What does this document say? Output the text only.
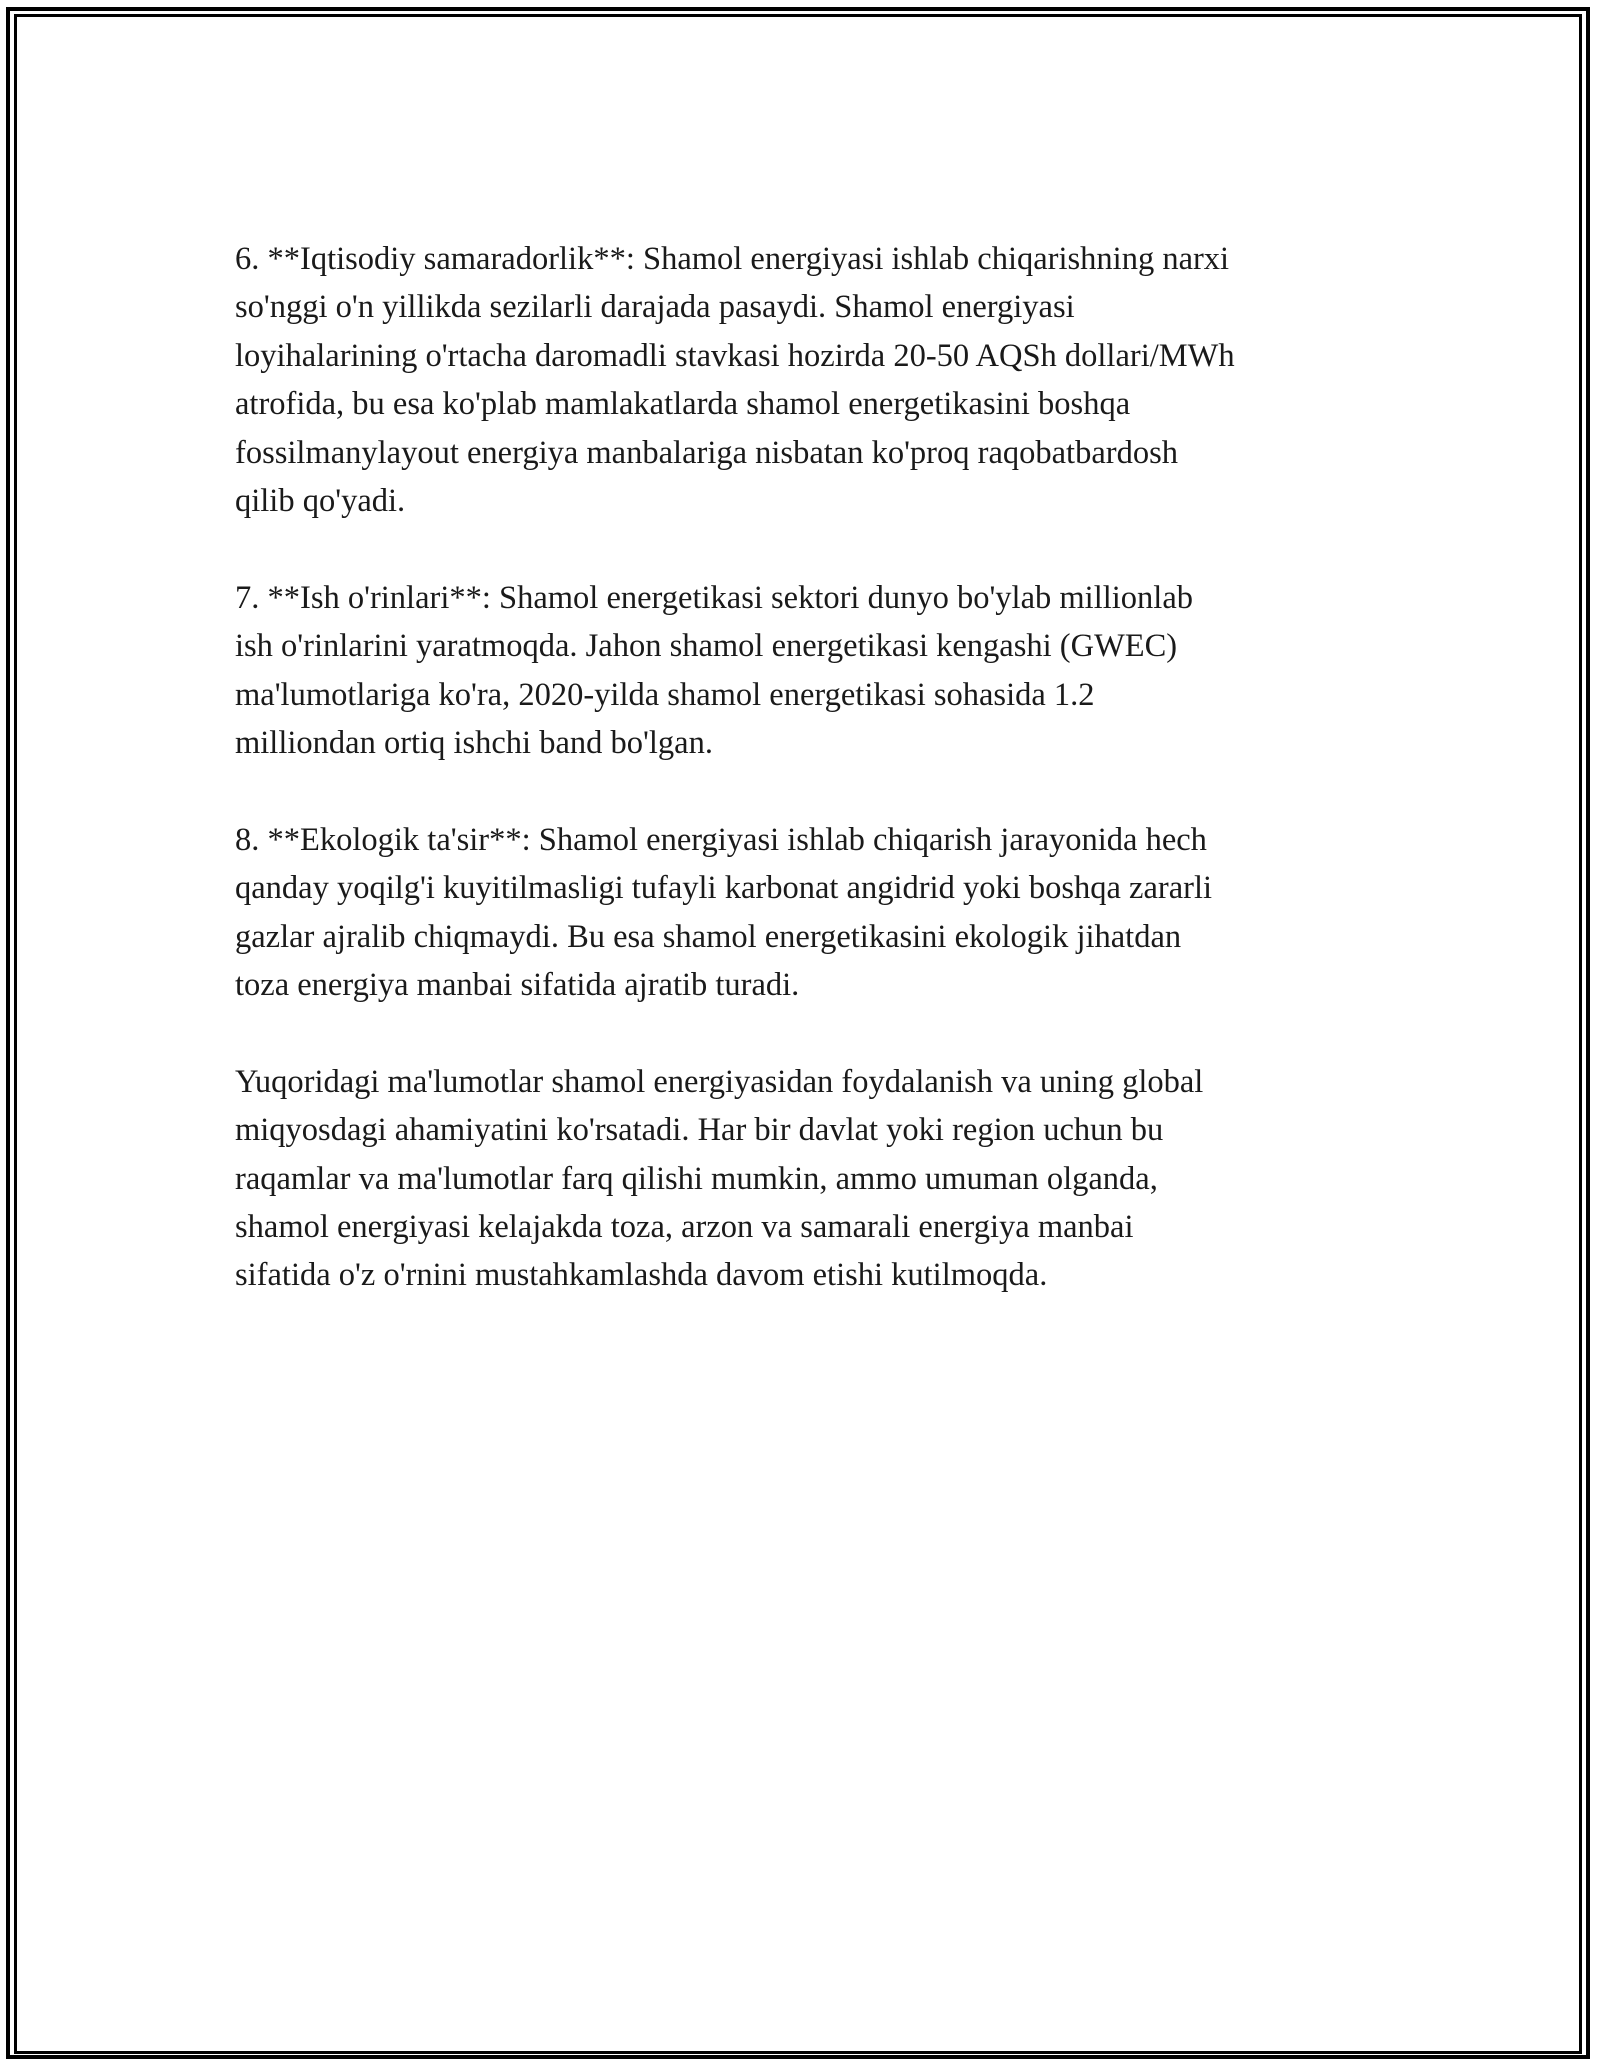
6. **Iqtisodiy samaradorlik**: Shamol energiyasi ishlab chiqarishning narxi
so'nggi o'n yillikda sezilarli darajada pasaydi. Shamol energiyasi
loyihalarining o'rtacha daromadli stavkasi hozirda 20-50 AQSh dollari/MWh
atrofida, bu esa ko'plab mamlakatlarda shamol energetikasini boshqa
fossilmanylayout energiya manbalariga nisbatan ko'proq raqobatbardosh
qilib qo'yadi.

7. **Ish o'rinlari**: Shamol energetikasi sektori dunyo bo'ylab millionlab
ish o'rinlarini yaratmoqda. Jahon shamol energetikasi kengashi (GWEC)
ma'lumotlariga ko'ra, 2020-yilda shamol energetikasi sohasida 1.2
milliondan ortiq ishchi band bo'lgan.

8. **Ekologik ta'sir**: Shamol energiyasi ishlab chiqarish jarayonida hech
qanday yoqilg'i kuyitilmasligi tufayli karbonat angidrid yoki boshqa zararli
gazlar ajralib chiqmaydi. Bu esa shamol energetikasini ekologik jihatdan
toza energiya manbai sifatida ajratib turadi.

Yuqoridagi ma'lumotlar shamol energiyasidan foydalanish va uning global
miqyosdagi ahamiyatini ko'rsatadi. Har bir davlat yoki region uchun bu
raqamlar va ma'lumotlar farq qilishi mumkin, ammo umuman olganda,
shamol energiyasi kelajakda toza, arzon va samarali energiya manbai
sifatida o'z o'rnini mustahkamlashda davom etishi kutilmoqda.
